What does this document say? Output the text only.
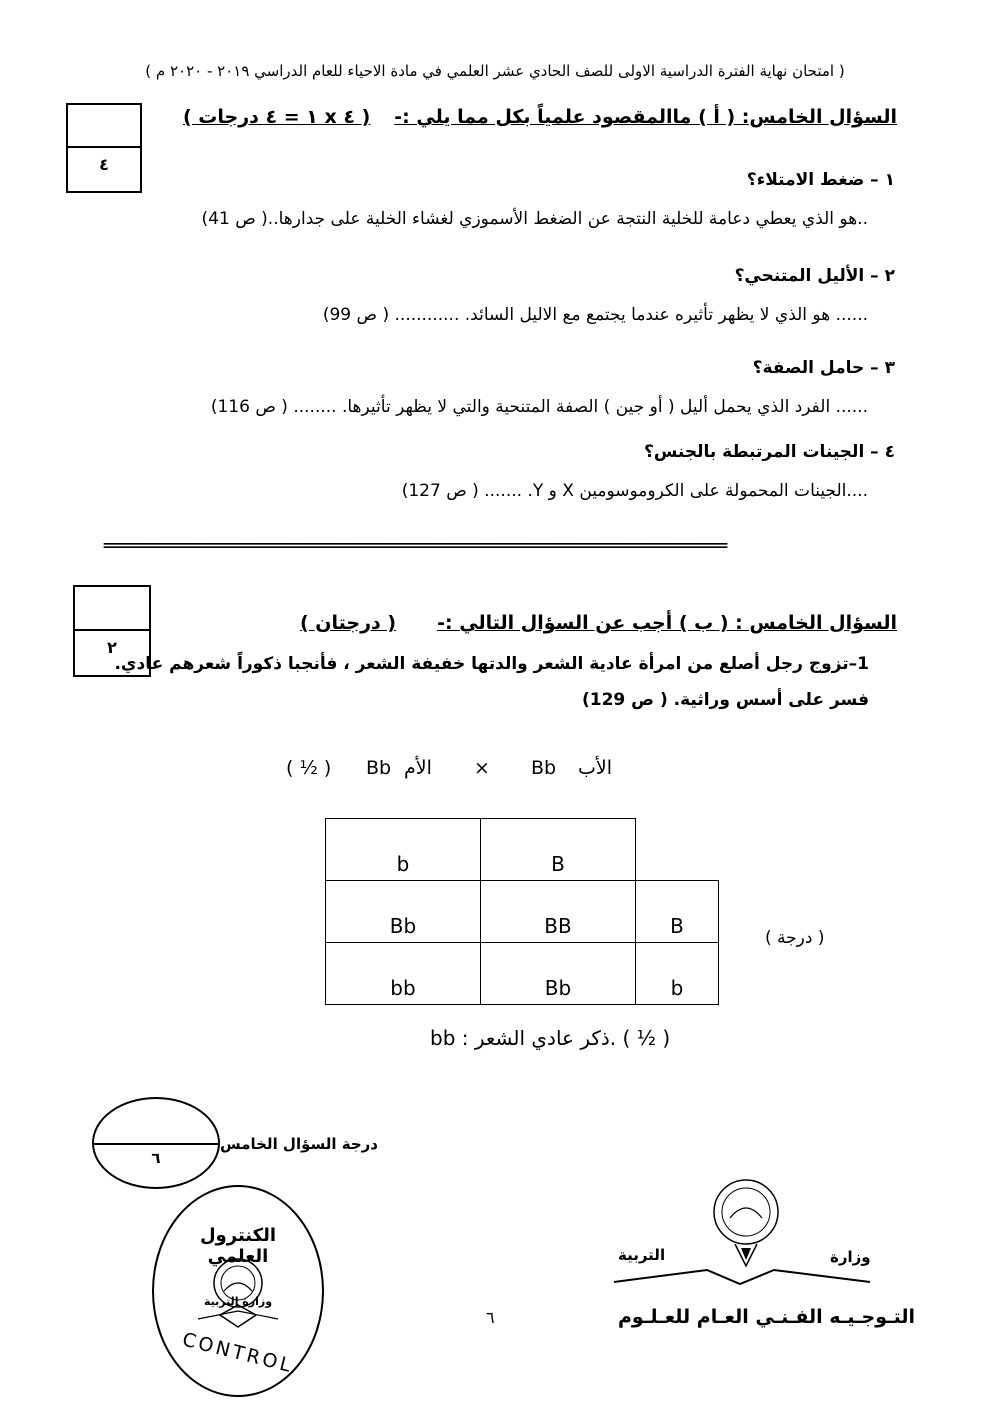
( امتحان نهاية الفترة الدراسية الاولى للصف الحادي عشر العلمي في مادة الاحياء للعام الدراسي ٢٠١٩ - ٢٠٢٠ م )
٤
السؤال الخامس: ( أ ) ماالمقصود علمياً بكل مما يلي :-
( ٤ x ١ = ٤ درجات )
١ – ضغط الامتلاء؟
..هو الذي يعطي دعامة للخلية النتجة عن الضغط الأسموزي لغشاء الخلية على جدارها..( ص 41)
٢ – الأليل المتنحي؟
...... هو الذي لا يظهر تأثيره عندما يجتمع مع الاليل السائد. ............ ( ص 99)
٣ – حامل الصفة؟
...... الفرد الذي يحمل أليل ( أو جين ) الصفة المتنحية والتي لا يظهر تأثيرها. ........ ( ص 116)
٤ – الجينات المرتبطة بالجنس؟
....الجينات المحمولة على الكروموسومين X و Y. ....... ( ص 127)
==========================================================================================
٢
السؤال الخامس : ( ب ) أجب عن السؤال التالي :-
( درجتان )
1–تزوج رجل أصلع من امرأة عادية الشعر والدتها خفيفة الشعر ، فأنجبا ذكوراً شعرهم عادي.
فسر على أسس وراثية. ( ص 129)
( ½ ) Bb الأم × Bb الأب
b	B	
Bb	BB	B
bb	Bb	b
( درجة )
bb : ذكر عادي الشعر. ( ½ )
٦
درجة السؤال الخامس
الكنترول العلمي
وزارة التربية
CONTROL
٦
وزارة
التربية
التـوجـيـه الفـنـي العـام للعـلـوم
